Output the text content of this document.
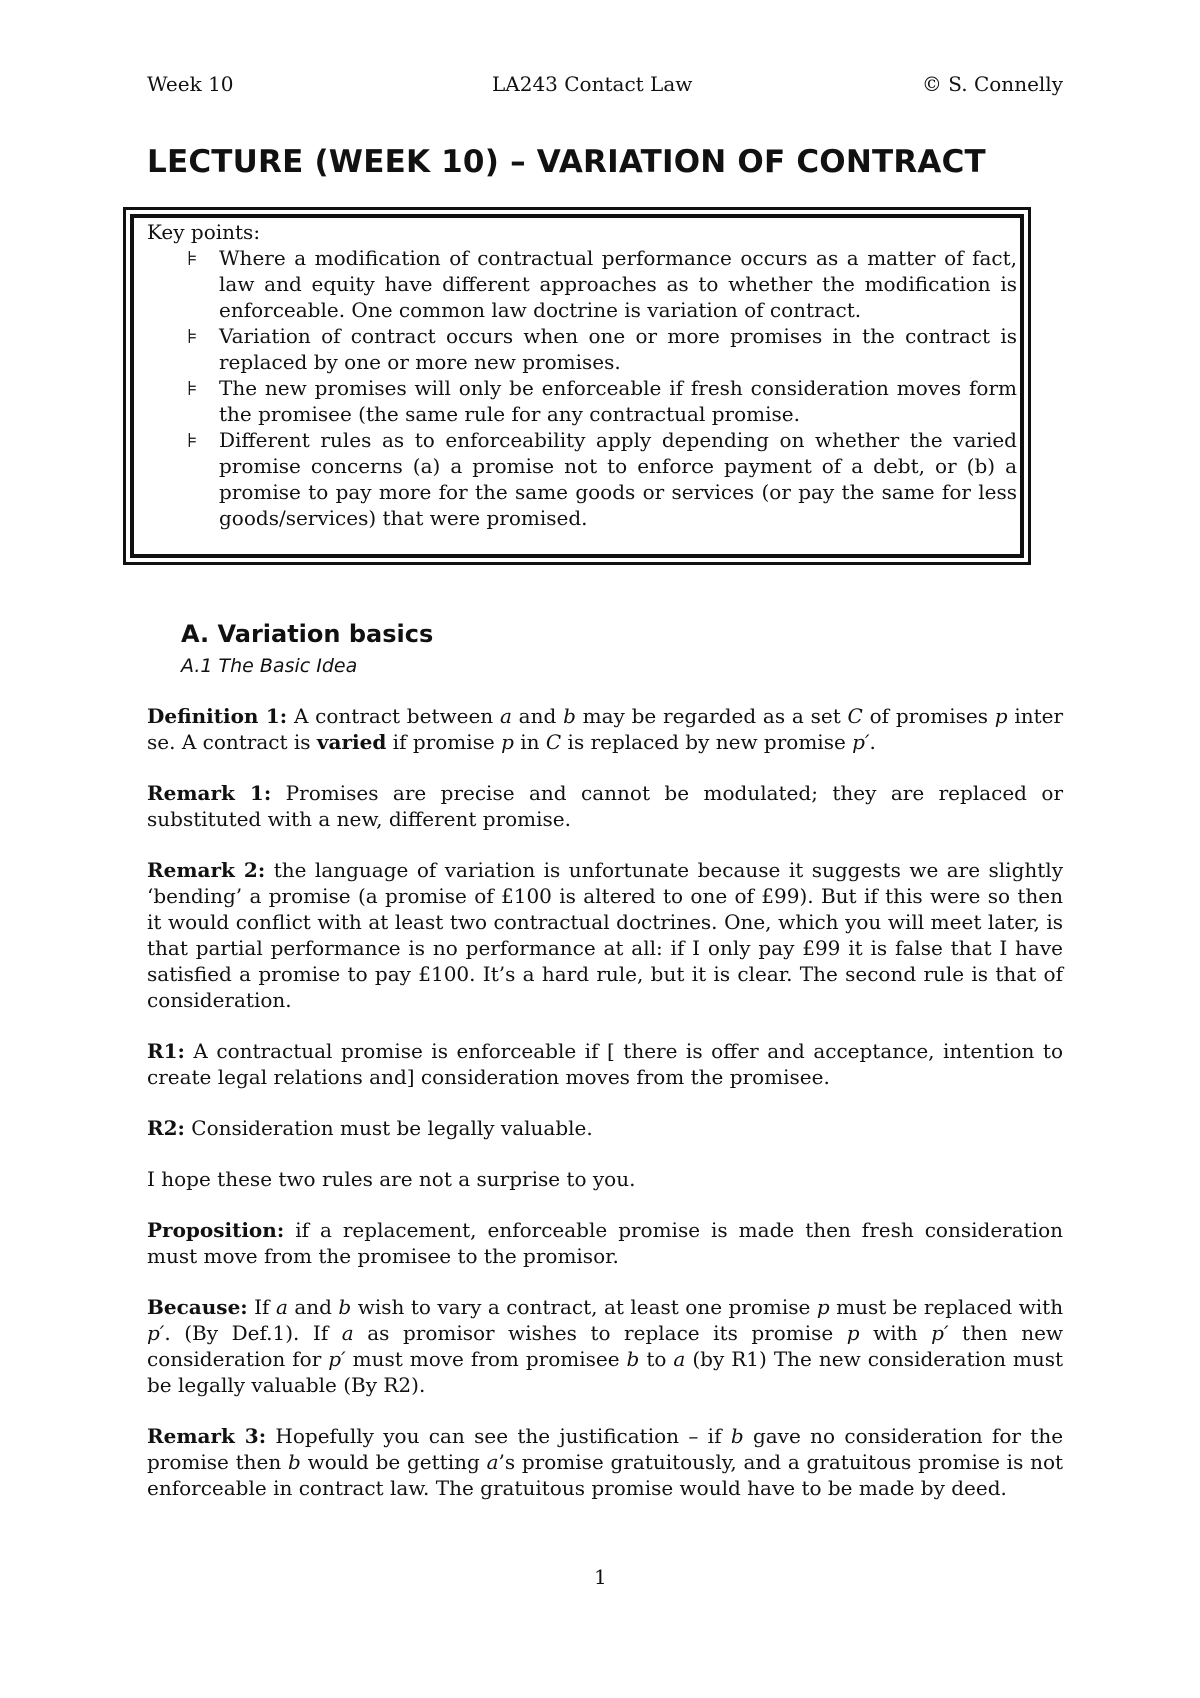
Week 10	LA243 Contact Law	© S. Connelly
LECTURE (WEEK 10) – VARIATION OF CONTRACT

Key points:

⊧ Where a modification of contractual performance occurs as a matter of fact, law and equity have different approaches as to whether the modification is enforceable. One common law doctrine is variation of contract.
⊧ Variation of contract occurs when one or more promises in the contract is replaced by one or more new promises.
⊧ The new promises will only be enforceable if fresh consideration moves form the promisee (the same rule for any contractual promise.
⊧ Different rules as to enforceability apply depending on whether the varied promise concerns (a) a promise not to enforce payment of a debt, or (b) a promise to pay more for the same goods or services (or pay the same for less goods/services) that were promised.
A. Variation basics
A.1 The Basic Idea

Definition 1: A contract between a and b may be regarded as a set C of promises p inter se. A contract is varied if promise p in C is replaced by new promise p′.

Remark 1: Promises are precise and cannot be modulated; they are replaced or substituted with a new, different promise.

Remark 2: the language of variation is unfortunate because it suggests we are slightly ‘bending’ a promise (a promise of £100 is altered to one of £99). But if this were so then it would conflict with at least two contractual doctrines. One, which you will meet later, is that partial performance is no performance at all: if I only pay £99 it is false that I have satisfied a promise to pay £100. It’s a hard rule, but it is clear. The second rule is that of consideration.

R1: A contractual promise is enforceable if [ there is offer and acceptance, intention to create legal relations and] consideration moves from the promisee.

R2: Consideration must be legally valuable.

I hope these two rules are not a surprise to you.

Proposition: if a replacement, enforceable promise is made then fresh consideration must move from the promisee to the promisor.

Because: If a and b wish to vary a contract, at least one promise p must be replaced with p′. (By Def.1). If a as promisor wishes to replace its promise p with p′ then new consideration for p′ must move from promisee b to a (by R1) The new consideration must be legally valuable (By R2).

Remark 3: Hopefully you can see the justification – if b gave no consideration for the promise then b would be getting a’s promise gratuitously, and a gratuitous promise is not enforceable in contract law. The gratuitous promise would have to be made by deed.

1
